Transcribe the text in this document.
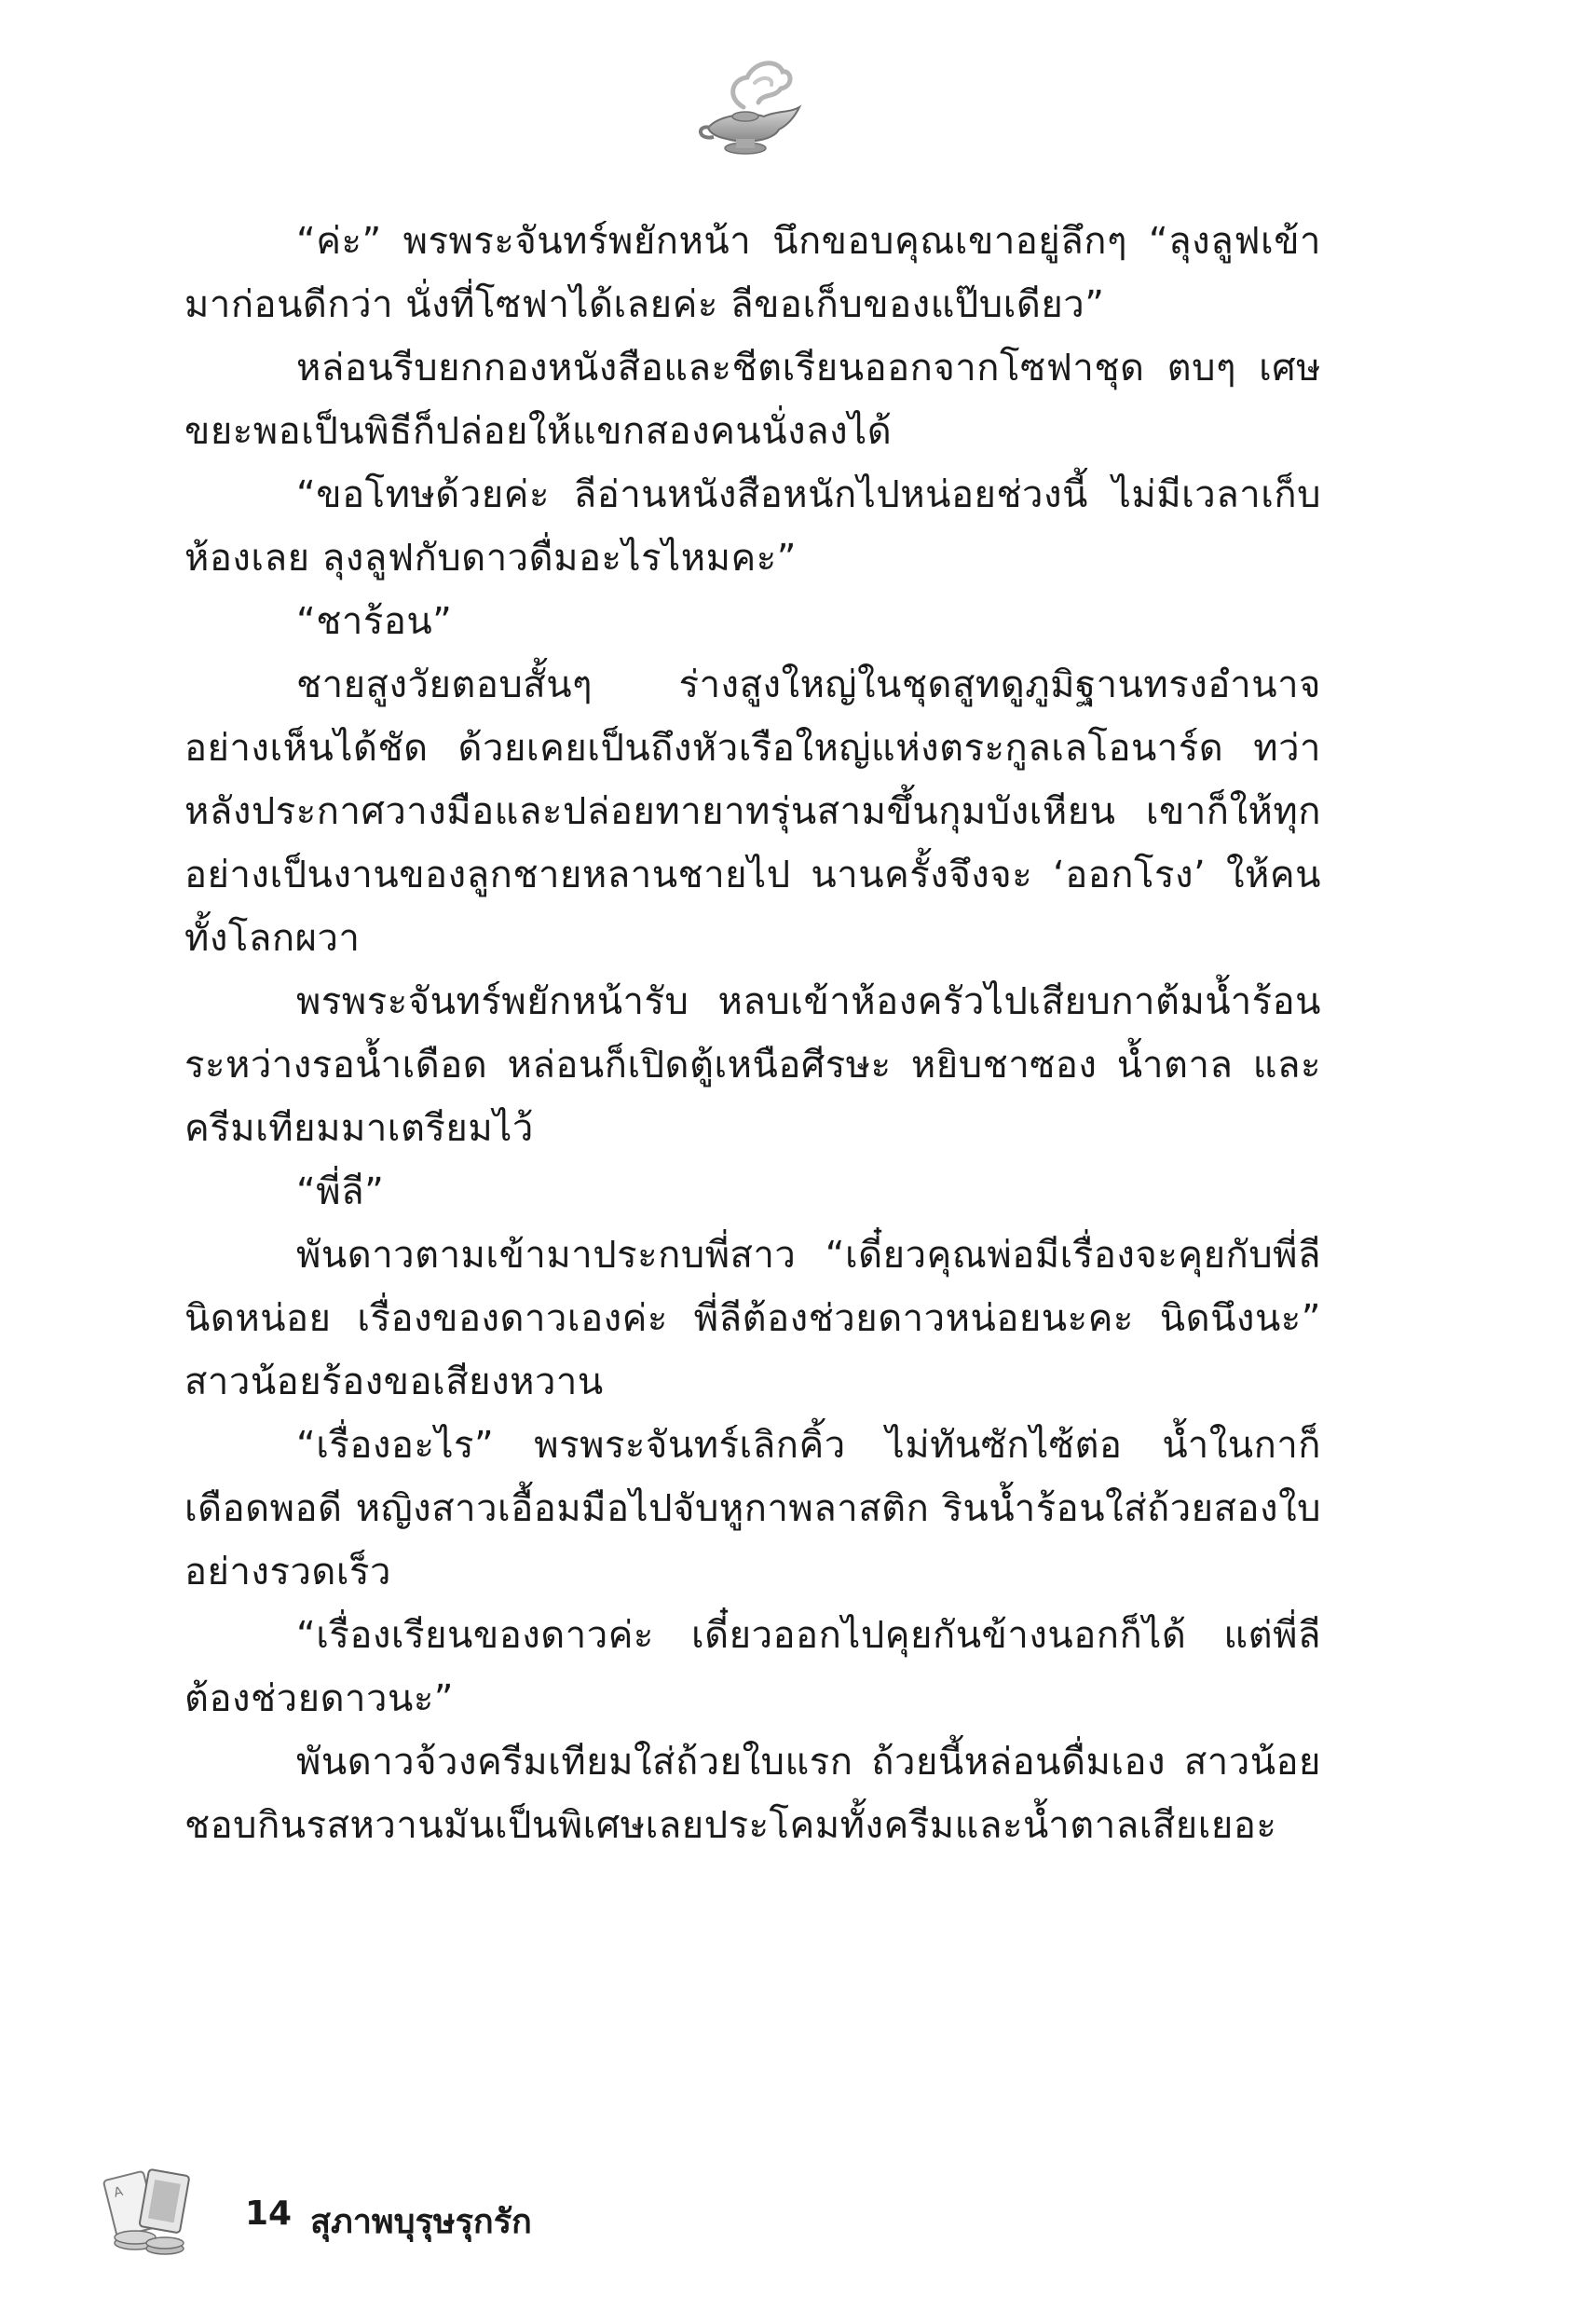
“ค่ะ” พรพระจันทร์พยักหน้า นึกขอบคุณเขาอยู่ลึกๆ “ลุงลูฟเข้ามาก่อนดีกว่า นั่งที่โซฟาได้เลยค่ะ ลีขอเก็บของแป๊บเดียว”

หล่อนรีบยกกองหนังสือและชีตเรียนออกจากโซฟาชุด ตบๆ เศษขยะพอเป็นพิธีก็ปล่อยให้แขกสองคนนั่งลงได้

“ขอโทษด้วยค่ะ ลีอ่านหนังสือหนักไปหน่อยช่วงนี้ ไม่มีเวลาเก็บห้องเลย ลุงลูฟกับดาวดื่มอะไรไหมคะ”

“ชาร้อน”

ชายสูงวัยตอบสั้นๆ ร่างสูงใหญ่ในชุดสูทดูภูมิฐานทรงอำนาจอย่างเห็นได้ชัด ด้วยเคยเป็นถึงหัวเรือใหญ่แห่งตระกูลเลโอนาร์ด ทว่าหลังประกาศวางมือและปล่อยทายาทรุ่นสามขึ้นกุมบังเหียน เขาก็ให้ทุกอย่างเป็นงานของลูกชายหลานชายไป นานครั้งจึงจะ ‘ออกโรง’ ให้คนทั้งโลกผวา

พรพระจันทร์พยักหน้ารับ หลบเข้าห้องครัวไปเสียบกาต้มน้ำร้อน ระหว่างรอน้ำเดือด หล่อนก็เปิดตู้เหนือศีรษะ หยิบชาซอง น้ำตาล และครีมเทียมมาเตรียมไว้

“พี่ลี”

พันดาวตามเข้ามาประกบพี่สาว “เดี๋ยวคุณพ่อมีเรื่องจะคุยกับพี่ลีนิดหน่อย เรื่องของดาวเองค่ะ พี่ลีต้องช่วยดาวหน่อยนะคะ นิดนึงนะ” สาวน้อยร้องขอเสียงหวาน

“เรื่องอะไร” พรพระจันทร์เลิกคิ้ว ไม่ทันซักไซ้ต่อ น้ำในกาก็เดือดพอดี หญิงสาวเอื้อมมือไปจับหูกาพลาสติก รินน้ำร้อนใส่ถ้วยสองใบอย่างรวดเร็ว

“เรื่องเรียนของดาวค่ะ เดี๋ยวออกไปคุยกันข้างนอกก็ได้ แต่พี่ลีต้องช่วยดาวนะ”

พันดาวจ้วงครีมเทียมใส่ถ้วยใบแรก ถ้วยนี้หล่อนดื่มเอง สาวน้อยชอบกินรสหวานมันเป็นพิเศษเลยประโคมทั้งครีมและน้ำตาลเสียเยอะ

A
14 สุภาพบุรุษรุกรัก
